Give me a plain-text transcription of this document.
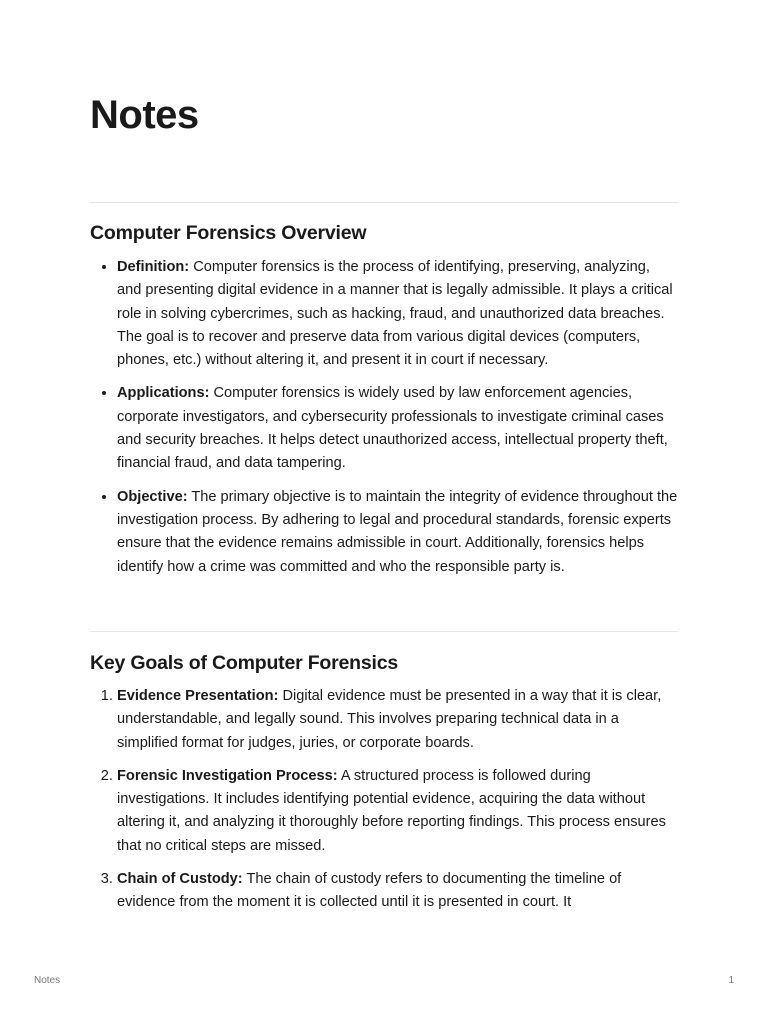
Notes
Computer Forensics Overview
• Definition: Computer forensics is the process of identifying, preserving, analyzing, and presenting digital evidence in a manner that is legally admissible. It plays a critical role in solving cybercrimes, such as hacking, fraud, and unauthorized data breaches. The goal is to recover and preserve data from various digital devices (computers, phones, etc.) without altering it, and present it in court if necessary.
• Applications: Computer forensics is widely used by law enforcement agencies, corporate investigators, and cybersecurity professionals to investigate criminal cases and security breaches. It helps detect unauthorized access, intellectual property theft, financial fraud, and data tampering.
• Objective: The primary objective is to maintain the integrity of evidence throughout the investigation process. By adhering to legal and procedural standards, forensic experts ensure that the evidence remains admissible in court. Additionally, forensics helps identify how a crime was committed and who the responsible party is.
Key Goals of Computer Forensics
1. Evidence Presentation: Digital evidence must be presented in a way that it is clear, understandable, and legally sound. This involves preparing technical data in a simplified format for judges, juries, or corporate boards.
2. Forensic Investigation Process: A structured process is followed during investigations. It includes identifying potential evidence, acquiring the data without altering it, and analyzing it thoroughly before reporting findings. This process ensures that no critical steps are missed.
3. Chain of Custody: The chain of custody refers to documenting the timeline of evidence from the moment it is collected until it is presented in court. It
Notes	1
